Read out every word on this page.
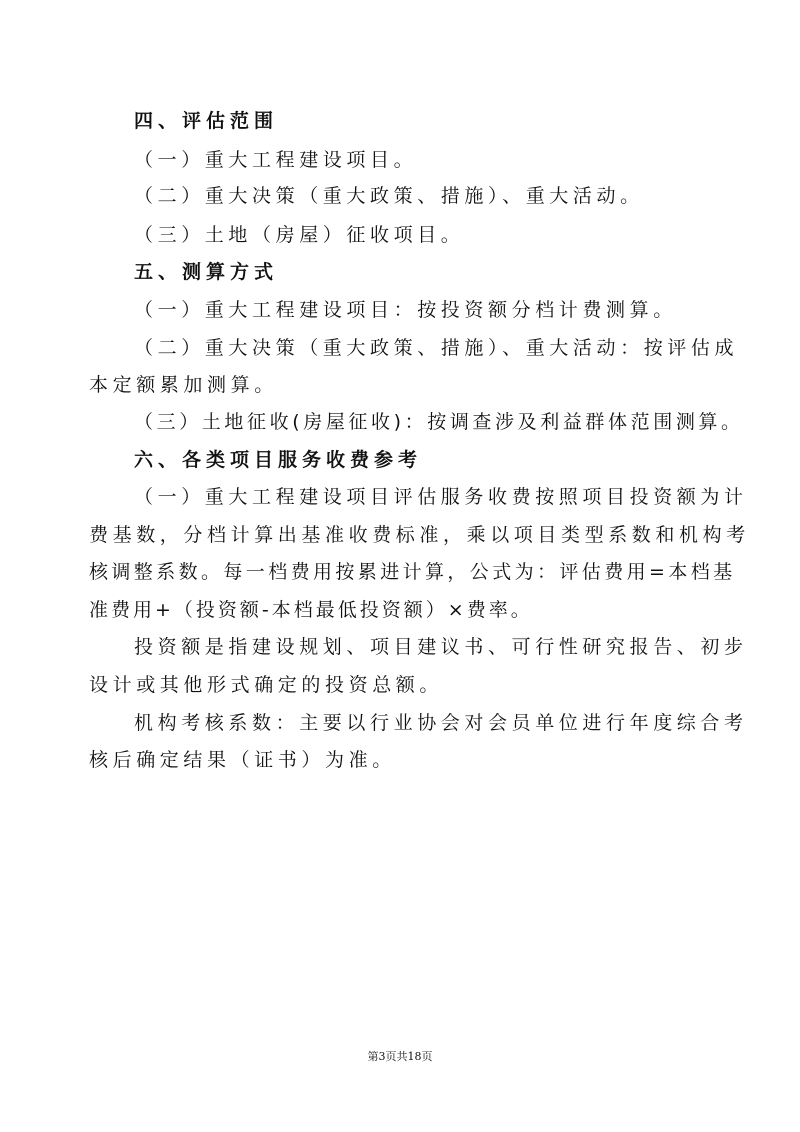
四、评估范围
（一）重大工程建设项目。
（二）重大决策（重大政策、措施）、重大活动。
（三）土地（房屋）征收项目。
五、测算方式
（一）重大工程建设项目：按投资额分档计费测算。
（二）重大决策（重大政策、措施）、重大活动：按评估成
本定额累加测算。
（三）土地征收(房屋征收)：按调查涉及利益群体范围测算。
六、各类项目服务收费参考
（一）重大工程建设项目评估服务收费按照项目投资额为计
费基数，分档计算出基准收费标准，乘以项目类型系数和机构考
核调整系数。每一档费用按累进计算，公式为：评估费用=本档基
准费用+（投资额-本档最低投资额）×费率。
投资额是指建设规划、项目建议书、可行性研究报告、初步
设计或其他形式确定的投资总额。
机构考核系数：主要以行业协会对会员单位进行年度综合考
核后确定结果（证书）为准。
第3页共18页
